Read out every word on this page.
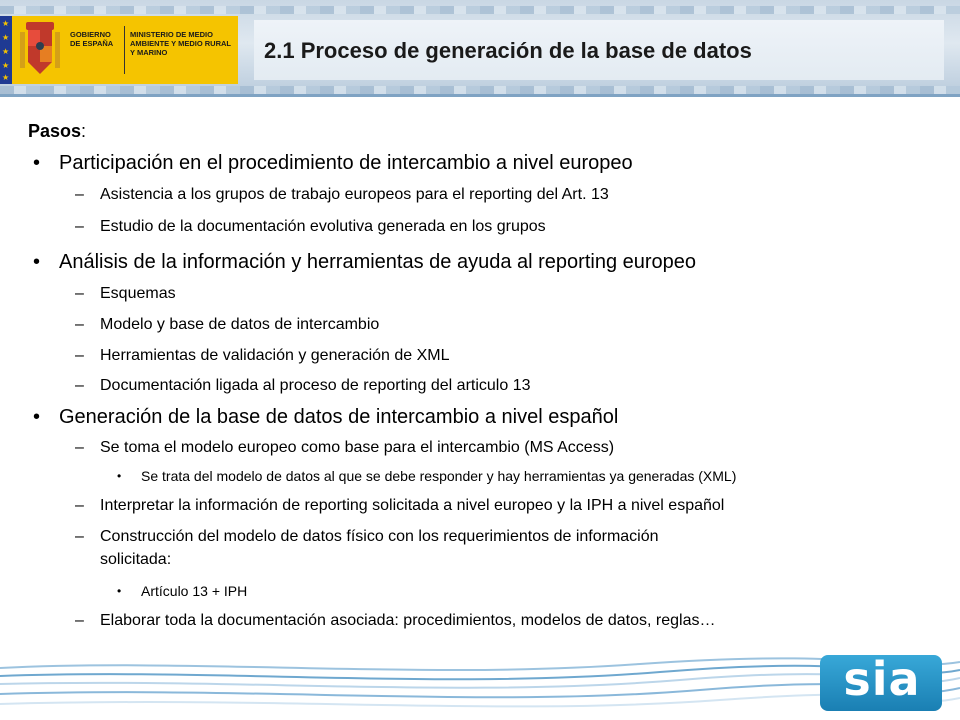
★
★
★
★
★
GOBIERNO DE ESPAÑA
MINISTERIO DE MEDIO AMBIENTE Y MEDIO RURAL Y MARINO	2.1 Proceso de generación de la base de datos
Pasos:
• Participación en el procedimiento de intercambio a nivel europeo
– Asistencia a los grupos de trabajo europeos para el reporting del Art. 13
– Estudio de la documentación evolutiva generada en los grupos
• Análisis de la información y herramientas de ayuda al reporting europeo
– Esquemas
– Modelo y base de datos de intercambio
– Herramientas de validación y generación de XML
– Documentación ligada al proceso de reporting del articulo 13
• Generación de la base de datos de intercambio a nivel español
– Se toma el modelo europeo como base para el intercambio (MS Access)
• Se trata del modelo de datos al que se debe responder y hay herramientas ya generadas (XML)
– Interpretar la información de reporting solicitada a nivel europeo y la IPH a nivel español
– Construcción del modelo de datos físico con los requerimientos de información
solicitada:
• Artículo 13 + IPH
– Elaborar toda la documentación asociada: procedimientos, modelos de datos, reglas…
sia
